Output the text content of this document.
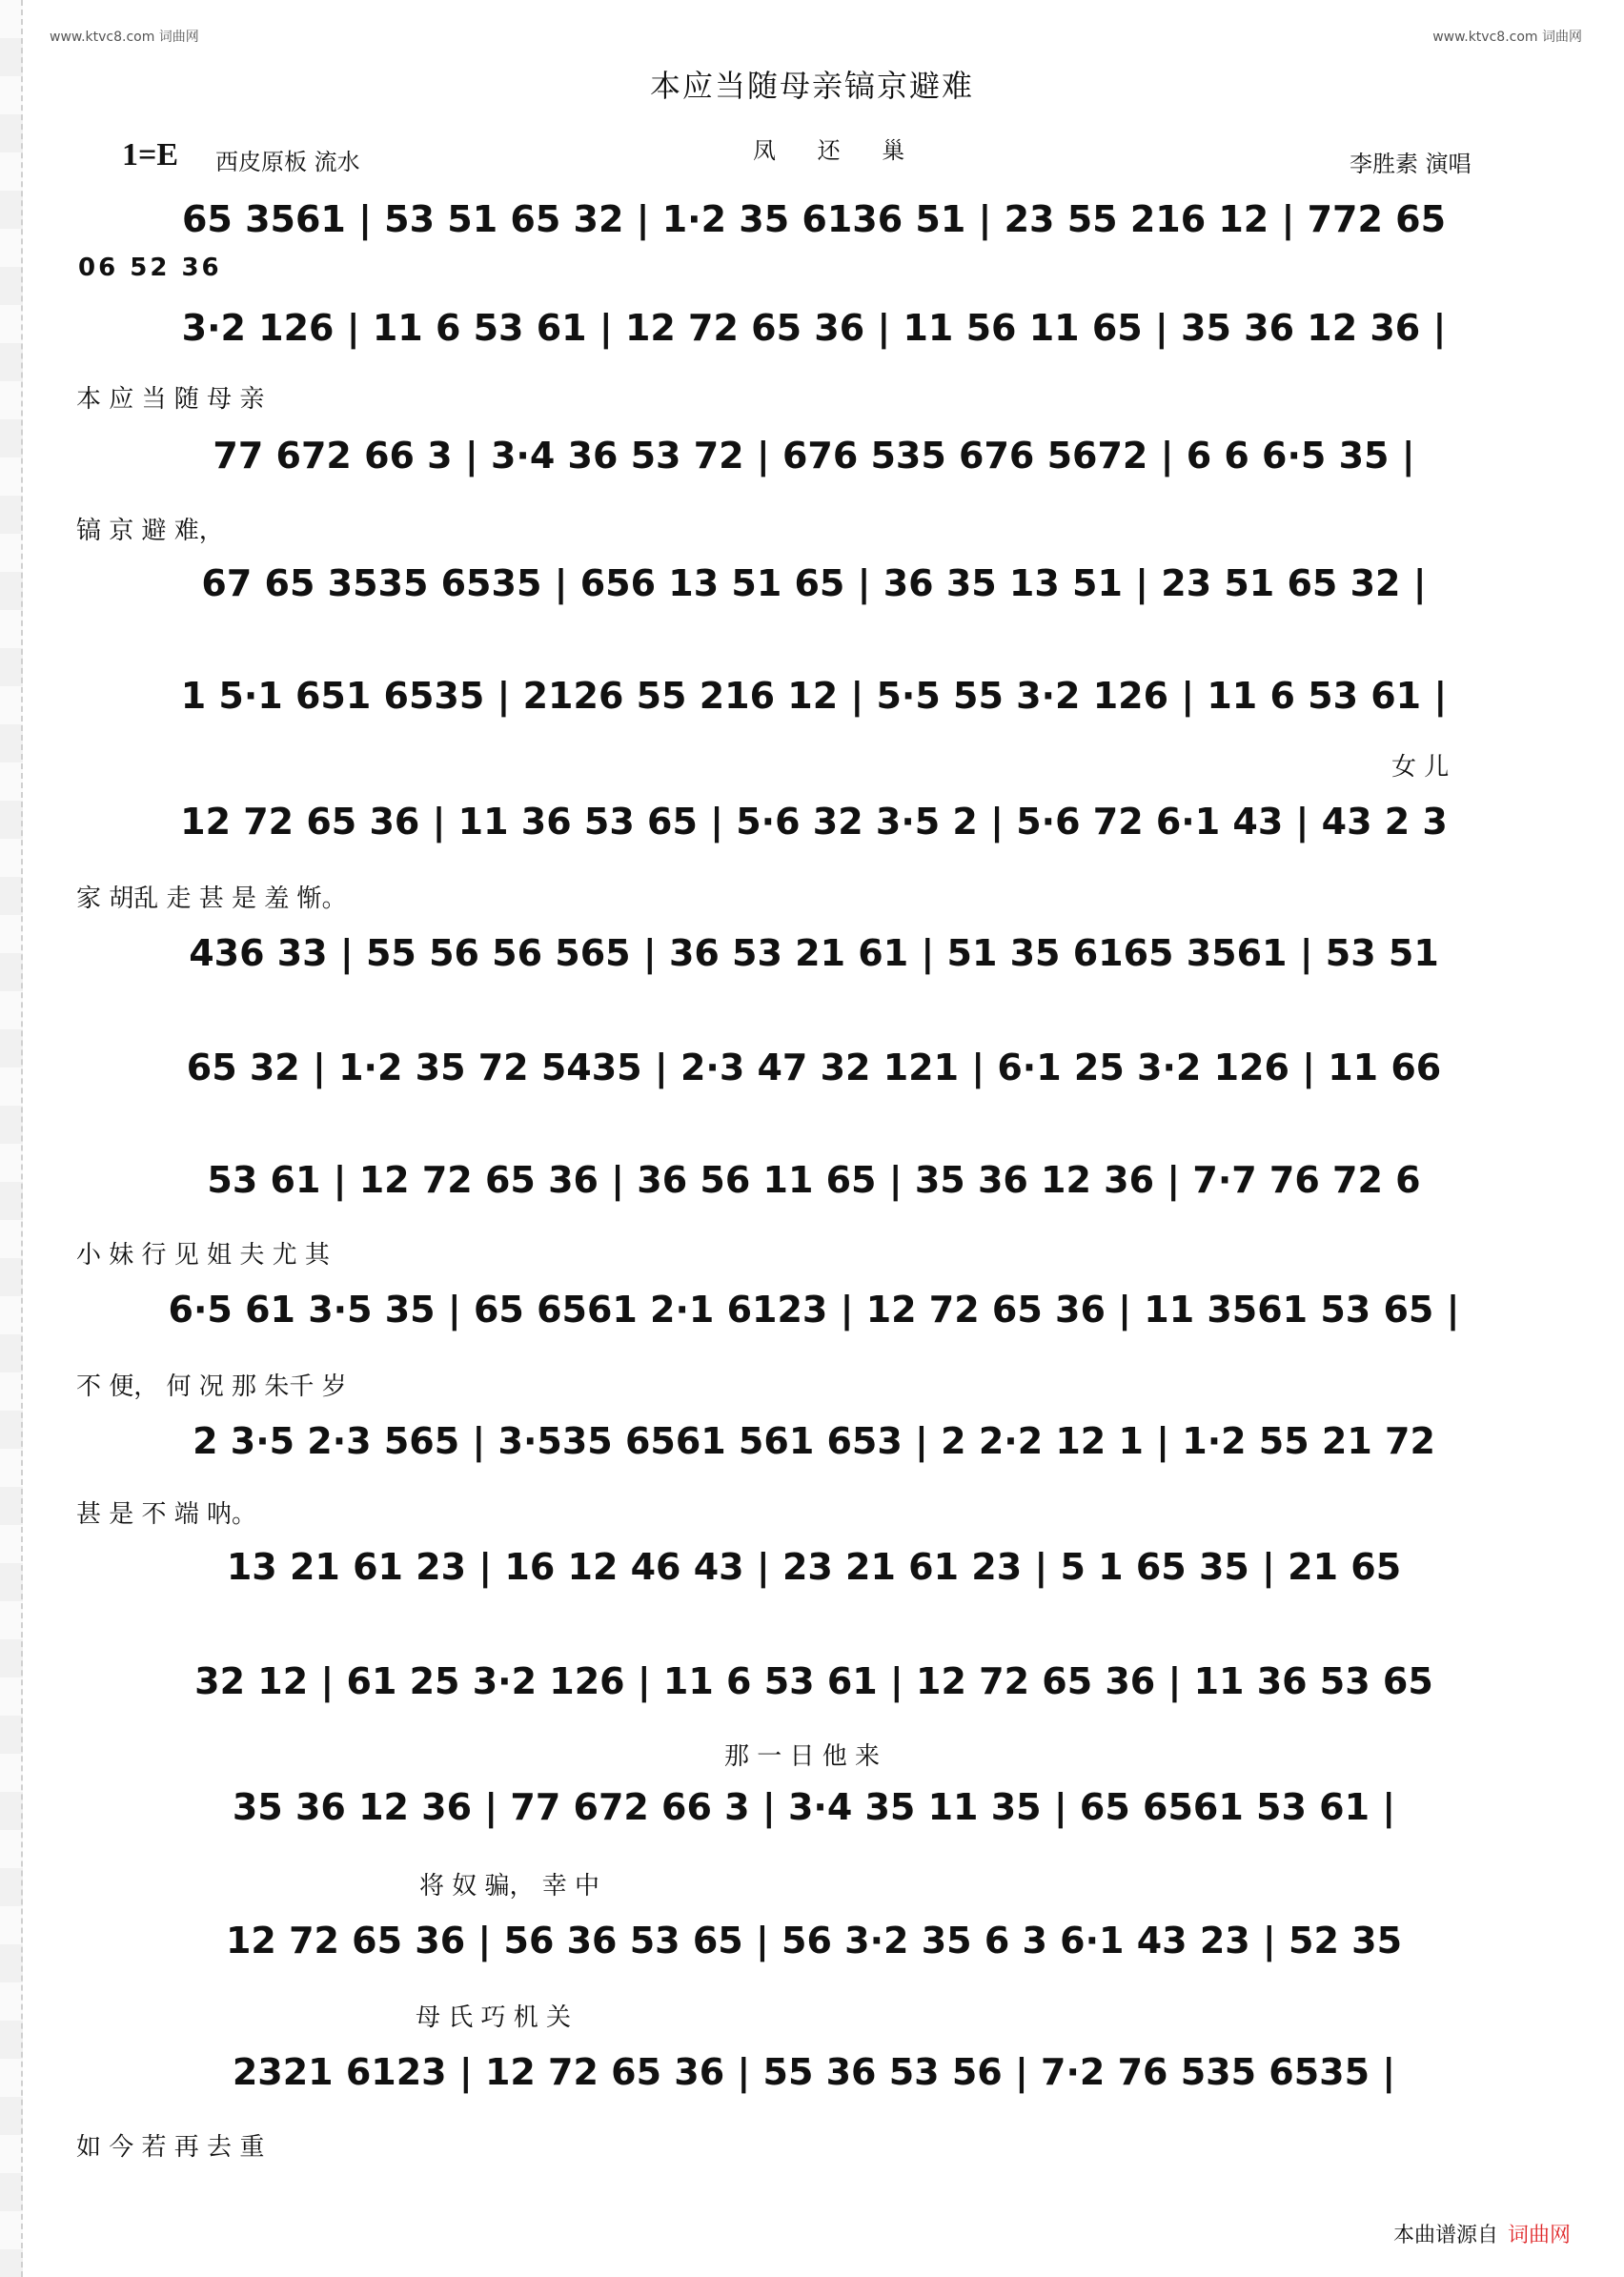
www.ktvc8.com 词曲网	www.ktvc8.com 词曲网
本应当随母亲镐京避难
1=E 西皮原板 流水	凤 还 巢	李胜素 演唱
06 52 36
65 3561 | 53 51 65 32 | 1·2 35 6136 51 | 23 55 216 12 | 772 65
本 应 当 随 母 亲
3·2 126 | 11 6 53 61 | 12 72 65 36 | 11 56 11 65 | 35 36 12 36 |
77 672 66 3 | 3·4 36 53 72 | 676 535 676 5672 | 6 6 6·5 35 |
镐 京 避 难，
67 65 3535 6535 | 656 13 51 65 | 36 35 13 51 | 23 51 65 32 |
1 5·1 651 6535 | 2126 55 216 12 | 5·5 55 3·2 126 | 11 6 53 61 |
女 儿
12 72 65 36 | 11 36 53 65 | 5·6 32 3·5 2 | 5·6 72 6·1 43 | 43 2 3
家 胡乱 走 甚 是 羞 惭。
436 33 | 55 56 56 565 | 36 53 21 61 | 51 35 6165 3561 | 53 51
65 32 | 1·2 35 72 5435 | 2·3 47 32 121 | 6·1 25 3·2 126 | 11 66
53 61 | 12 72 65 36 | 36 56 11 65 | 35 36 12 36 | 7·7 76 72 6
小 妹 行 见 姐 夫 尤 其
6·5 61 3·5 35 | 65 6561 2·1 6123 | 12 72 65 36 | 11 3561 53 65 |
不 便， 何 况 那 朱千 岁
2 3·5 2·3 565 | 3·535 6561 561 653 | 2 2·2 12 1 | 1·2 55 21 72
甚 是 不 端 呐。
13 21 61 23 | 16 12 46 43 | 23 21 61 23 | 5 1 65 35 | 21 65
32 12 | 61 25 3·2 126 | 11 6 53 61 | 12 72 65 36 | 11 36 53 65
那 一 日 他 来
35 36 12 36 | 77 672 66 3 | 3·4 35 11 35 | 65 6561 53 61 |
将 奴 骗， 幸 中
12 72 65 36 | 56 36 53 65 | 56 3·2 35 6 3 6·1 43 23 | 52 35
母 氏 巧 机 关
2321 6123 | 12 72 65 36 | 55 36 53 56 | 7·2 76 535 6535 |
如 今 若 再 去 重
本曲谱源自 词曲网
